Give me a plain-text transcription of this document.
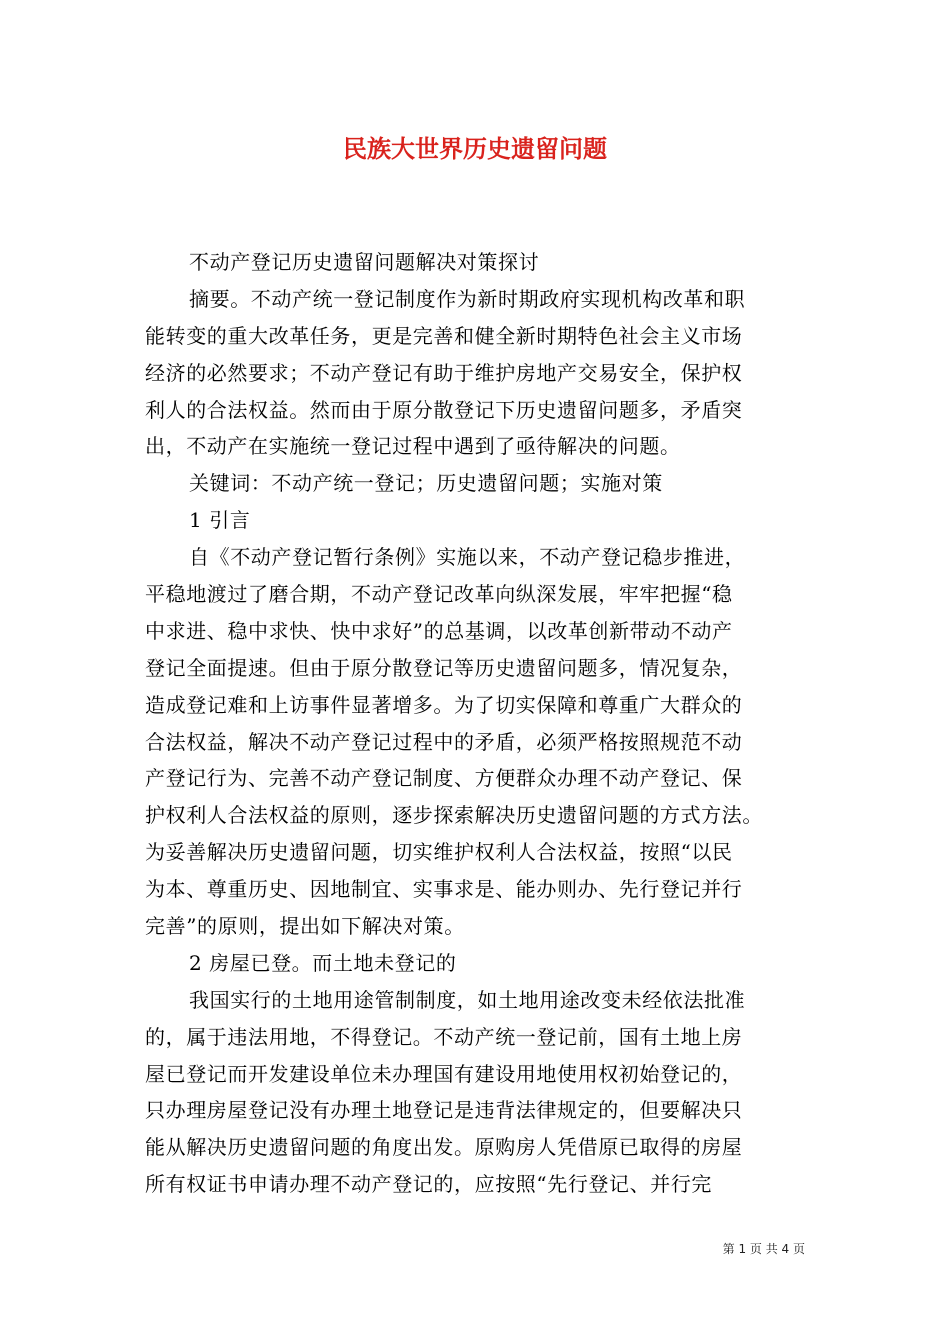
民族大世界历史遗留问题
不动产登记历史遗留问题解决对策探讨
摘要。不动产统一登记制度作为新时期政府实现机构改革和职
能转变的重大改革任务，更是完善和健全新时期特色社会主义市场
经济的必然要求；不动产登记有助于维护房地产交易安全，保护权
利人的合法权益。然而由于原分散登记下历史遗留问题多，矛盾突
出，不动产在实施统一登记过程中遇到了亟待解决的问题。
关键词：不动产统一登记；历史遗留问题；实施对策
1 引言
自《不动产登记暂行条例》实施以来，不动产登记稳步推进，
平稳地渡过了磨合期，不动产登记改革向纵深发展，牢牢把握“稳
中求进、稳中求快、快中求好”的总基调，以改革创新带动不动产
登记全面提速。但由于原分散登记等历史遗留问题多，情况复杂，
造成登记难和上访事件显著增多。为了切实保障和尊重广大群众的
合法权益，解决不动产登记过程中的矛盾，必须严格按照规范不动
产登记行为、完善不动产登记制度、方便群众办理不动产登记、保
护权利人合法权益的原则，逐步探索解决历史遗留问题的方式方法。
为妥善解决历史遗留问题，切实维护权利人合法权益，按照“以民
为本、尊重历史、因地制宜、实事求是、能办则办、先行登记并行
完善”的原则，提出如下解决对策。
2 房屋已登。而土地未登记的
我国实行的土地用途管制制度，如土地用途改变未经依法批准
的，属于违法用地，不得登记。不动产统一登记前，国有土地上房
屋已登记而开发建设单位未办理国有建设用地使用权初始登记的，
只办理房屋登记没有办理土地登记是违背法律规定的，但要解决只
能从解决历史遗留问题的角度出发。原购房人凭借原已取得的房屋
所有权证书申请办理不动产登记的，应按照“先行登记、并行完
第 1 页 共 4 页
